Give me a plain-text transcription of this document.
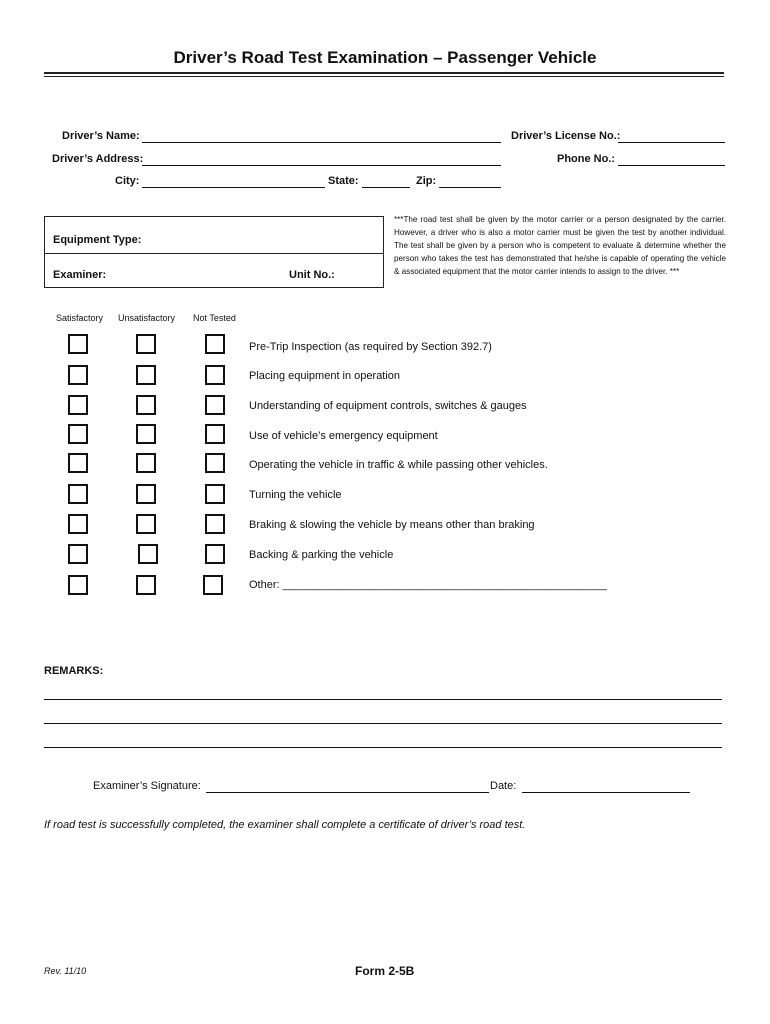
Driver’s Road Test Examination – Passenger Vehicle
Driver’s Name:	Driver’s License No.:
Driver’s Address:	Phone No.:
City:	State:	Zip:
Equipment Type:
Examiner:	Unit No.:
***The road test shall be given by the motor carrier or a person designated by the carrier. However, a driver who is also a motor carrier must be given the test by another individual. The test shall be given by a person who is competent to evaluate & determine whether the person who takes the test has demonstrated that he/she is capable of operating the vehicle & associated equipment that the motor carrier intends to assign to the driver. ***
Satisfactory Unsatisfactory Not Tested
Pre-Trip Inspection (as required by Section 392.7)
Placing equipment in operation
Understanding of equipment controls, switches & gauges
Use of vehicle’s emergency equipment
Operating the vehicle in traffic & while passing other vehicles.
Turning the vehicle
Braking & slowing the vehicle by means other than braking
Backing & parking the vehicle
Other: _____________________________________________________
REMARKS:
Examiner’s Signature:	Date:
If road test is successfully completed, the examiner shall complete a certificate of driver’s road test.
Rev. 11/10	Form 2-5B
